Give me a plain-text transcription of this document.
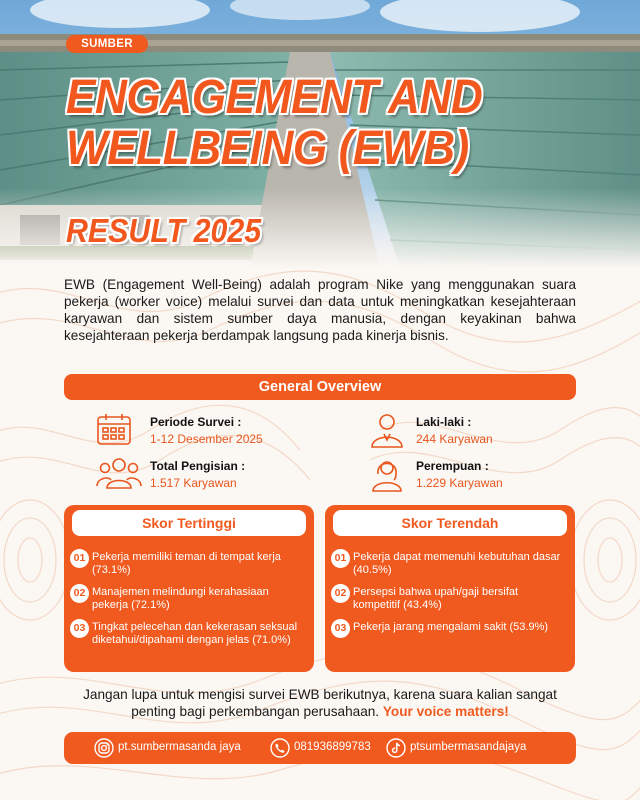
SUMBER
ENGAGEMENT AND
WELLBEING (EWB)
RESULT 2025

EWB (Engagement Well-Being) adalah program Nike yang menggunakan suara pekerja (worker voice) melalui survei dan data untuk meningkatkan kesejahteraan karyawan dan sistem sumber daya manusia, dengan keyakinan bahwa kesejahteraan pekerja berdampak langsung pada kinerja bisnis.

General Overview
Periode Survei :
1-12 Desember 2025
Total Pengisian :
1.517 Karyawan
Laki-laki :
244 Karyawan
Perempuan :
1.229 Karyawan
Skor Tertinggi
01 Pekerja memiliki teman di tempat kerja (73.1%)
02 Manajemen melindungi kerahasiaan pekerja (72.1%)
03 Tingkat pelecehan dan kekerasan seksual diketahui/dipahami dengan jelas (71.0%)
Skor Terendah
01 Pekerja dapat memenuhi kebutuhan dasar (40.5%)
02 Persepsi bahwa upah/gaji bersifat kompetitif (43.4%)
03 Pekerja jarang mengalami sakit (53.9%)

Jangan lupa untuk mengisi survei EWB berikutnya, karena suara kalian sangat penting bagi perkembangan perusahaan. Your voice matters!

pt.sumbermasanda jaya	081936899783	ptsumbermasandajaya
